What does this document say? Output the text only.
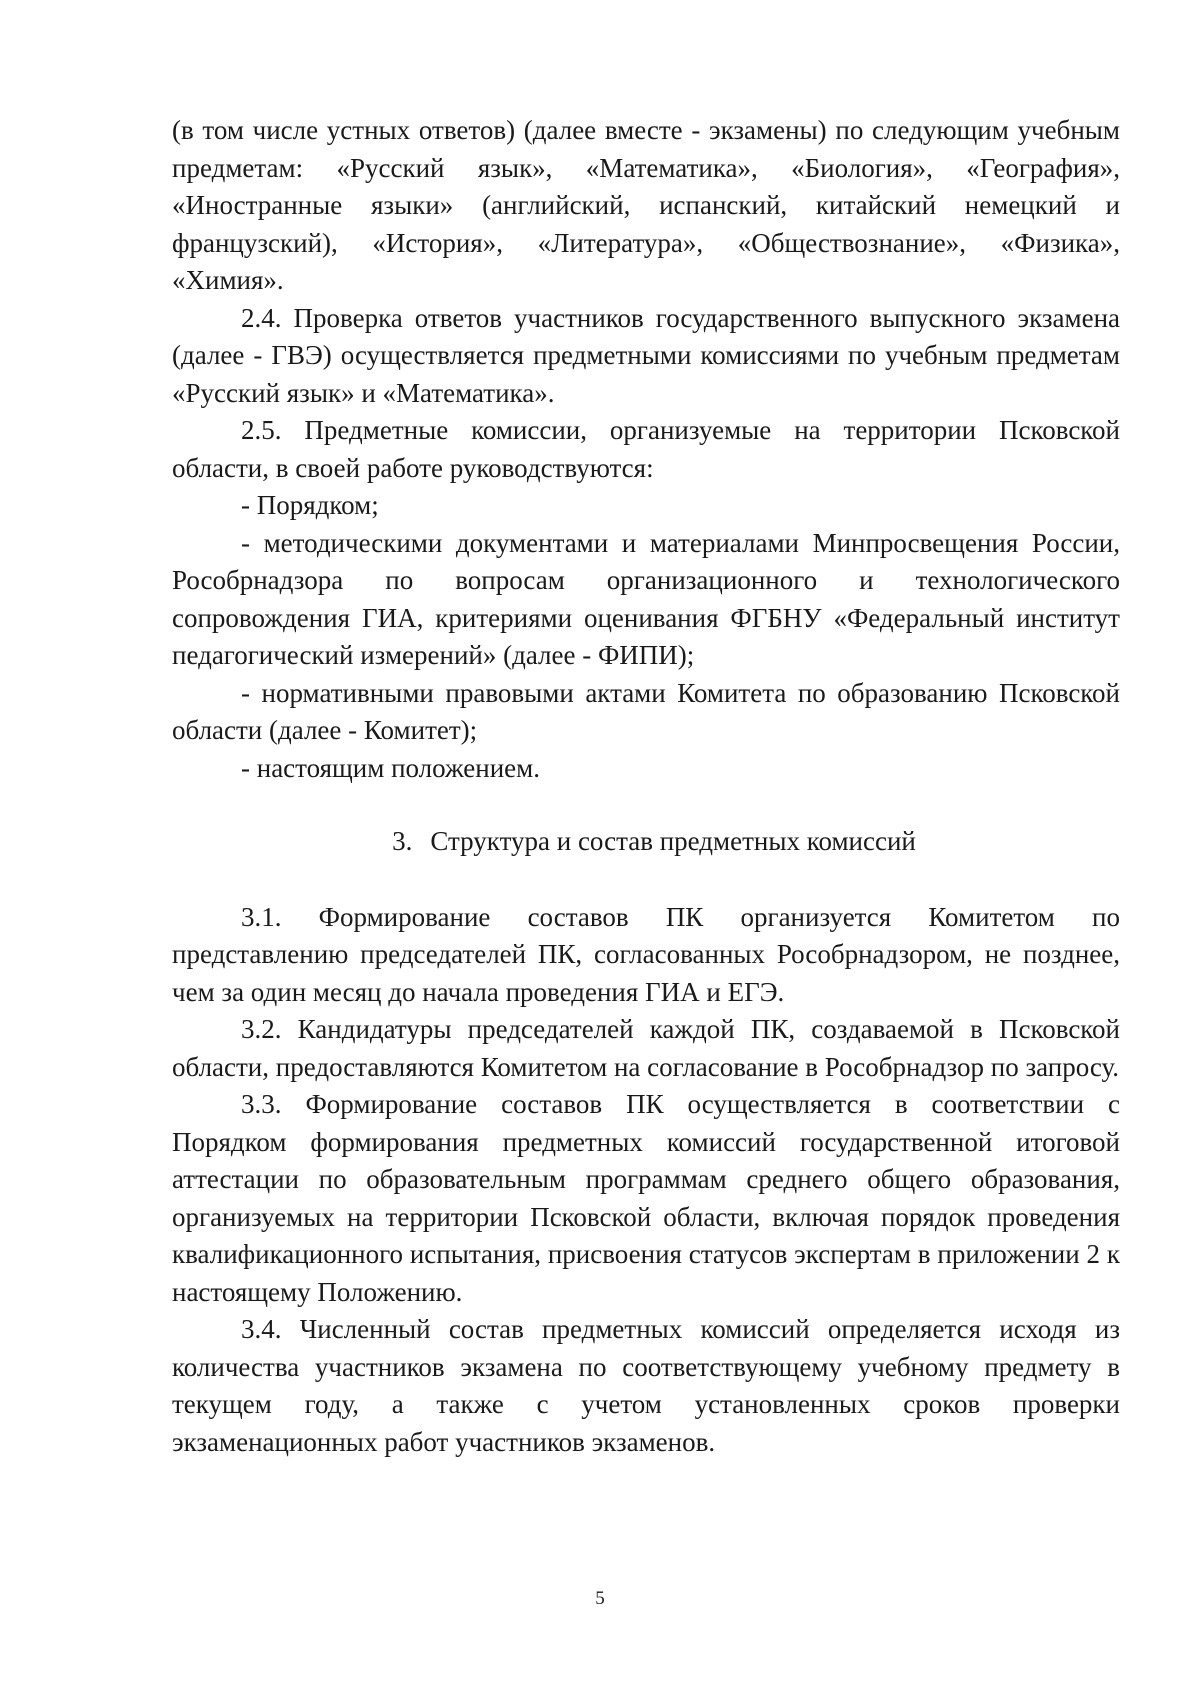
(в том числе устных ответов) (далее вместе - экзамены) по следующим учебным предметам: «Русский язык», «Математика», «Биология», «География», «Иностранные языки» (английский, испанский, китайский немецкий и французский), «История», «Литература», «Обществознание», «Физика», «Химия».

2.4. Проверка ответов участников государственного выпускного экзамена (далее - ГВЭ) осуществляется предметными комиссиями по учебным предметам «Русский язык» и «Математика».

2.5. Предметные комиссии, организуемые на территории Псковской области, в своей работе руководствуются:

- Порядком;

- методическими документами и материалами Минпросвещения России, Рособрнадзора по вопросам организационного и технологического сопровождения ГИА, критериями оценивания ФГБНУ «Федеральный институт педагогический измерений» (далее - ФИПИ);

- нормативными правовыми актами Комитета по образованию Псковской области (далее - Комитет);

- настоящим положением.

3. Структура и состав предметных комиссий

3.1. Формирование составов ПК организуется Комитетом по представлению председателей ПК, согласованных Рособрнадзором, не позднее, чем за один месяц до начала проведения ГИА и ЕГЭ.

3.2. Кандидатуры председателей каждой ПК, создаваемой в Псковской области, предоставляются Комитетом на согласование в Рособрнадзор по запросу.

3.3. Формирование составов ПК осуществляется в соответствии с Порядком формирования предметных комиссий государственной итоговой аттестации по образовательным программам среднего общего образования, организуемых на территории Псковской области, включая порядок проведения квалификационного испытания, присвоения статусов экспертам в приложении 2 к настоящему Положению.

3.4. Численный состав предметных комиссий определяется исходя из количества участников экзамена по соответствующему учебному предмету в текущем году, а также с учетом установленных сроков проверки экзаменационных работ участников экзаменов.

5
